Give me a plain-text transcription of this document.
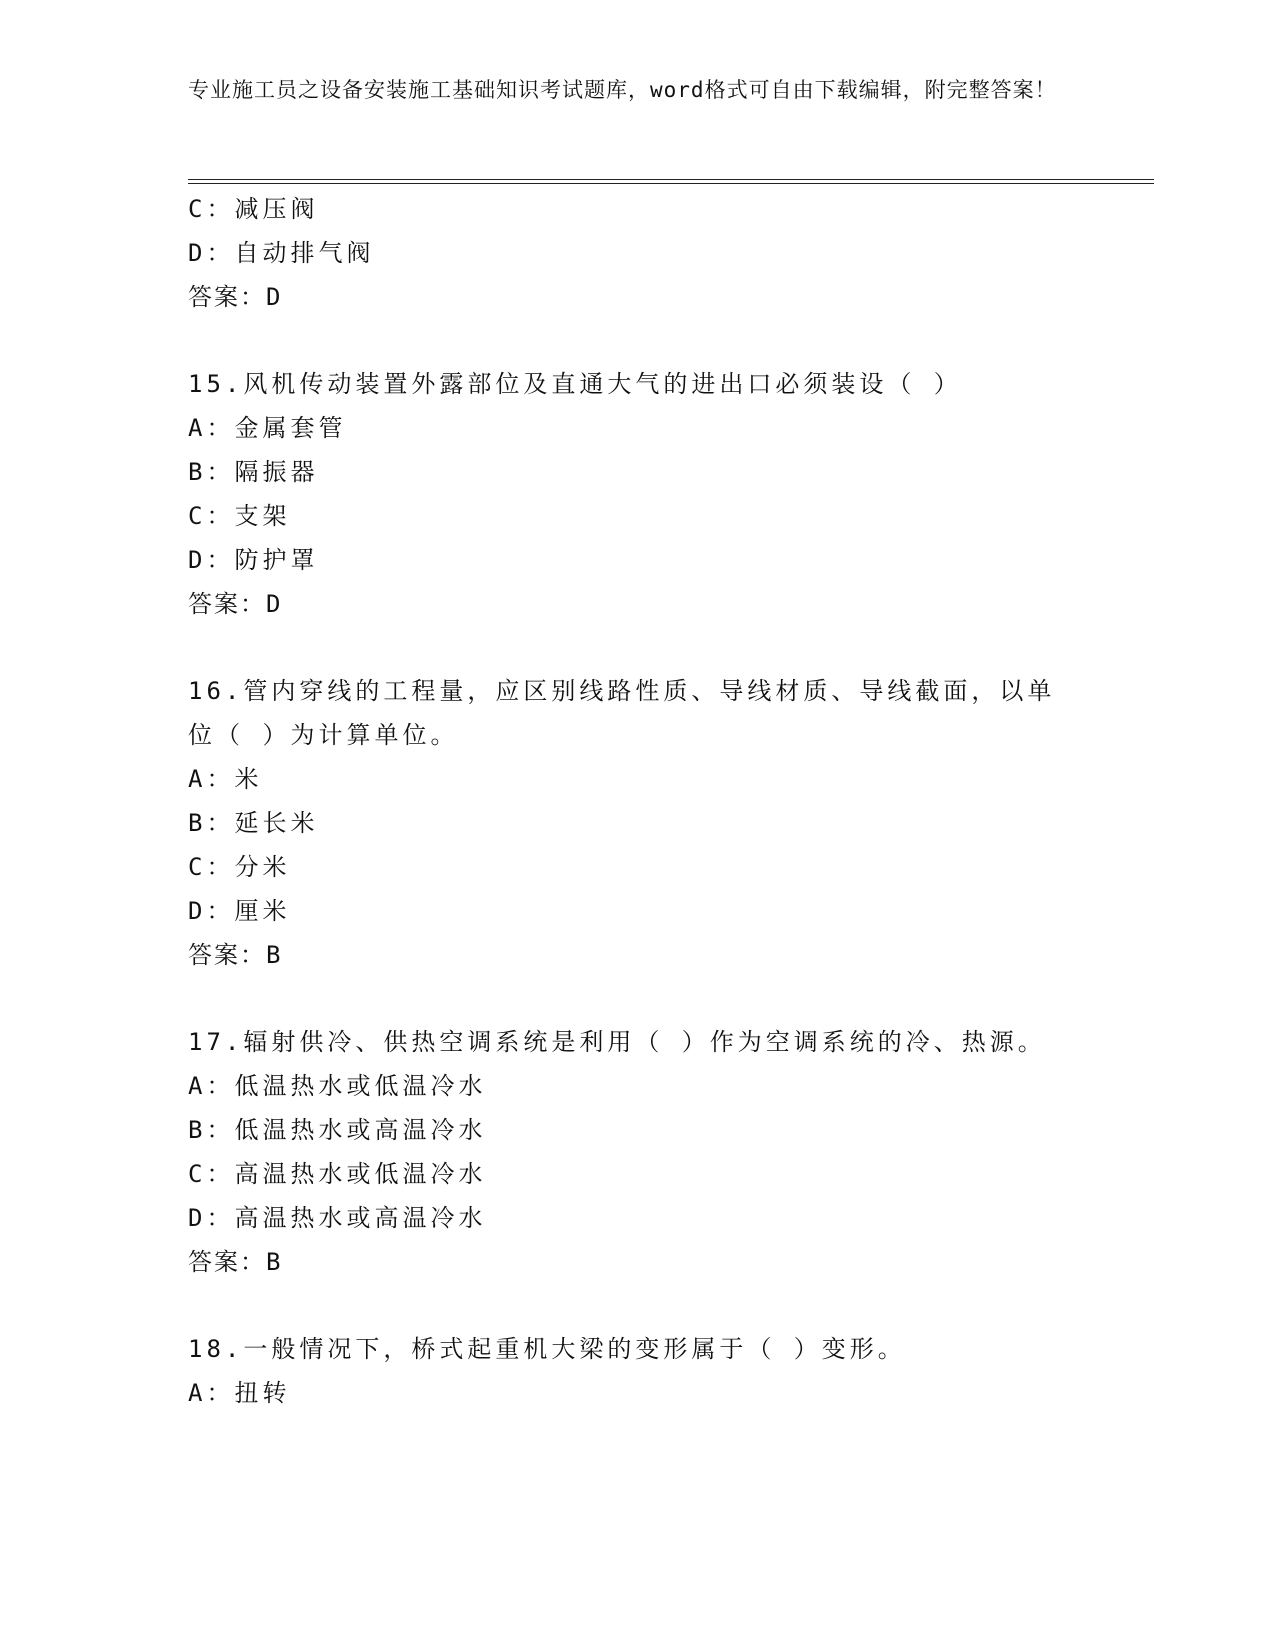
专业施工员之设备安装施工基础知识考试题库，word格式可自由下载编辑，附完整答案！
C：减压阀
D：自动排气阀
答案：D
15.风机传动装置外露部位及直通大气的进出口必须装设（ ）
A：金属套管
B：隔振器
C：支架
D：防护罩
答案：D
16.管内穿线的工程量，应区别线路性质、导线材质、导线截面，以单
位（ ）为计算单位。
A：米
B：延长米
C：分米
D：厘米
答案：B
17.辐射供冷、供热空调系统是利用（ ）作为空调系统的冷、热源。
A：低温热水或低温冷水
B：低温热水或高温冷水
C：高温热水或低温冷水
D：高温热水或高温冷水
答案：B
18.一般情况下，桥式起重机大梁的变形属于（ ）变形。
A：扭转
